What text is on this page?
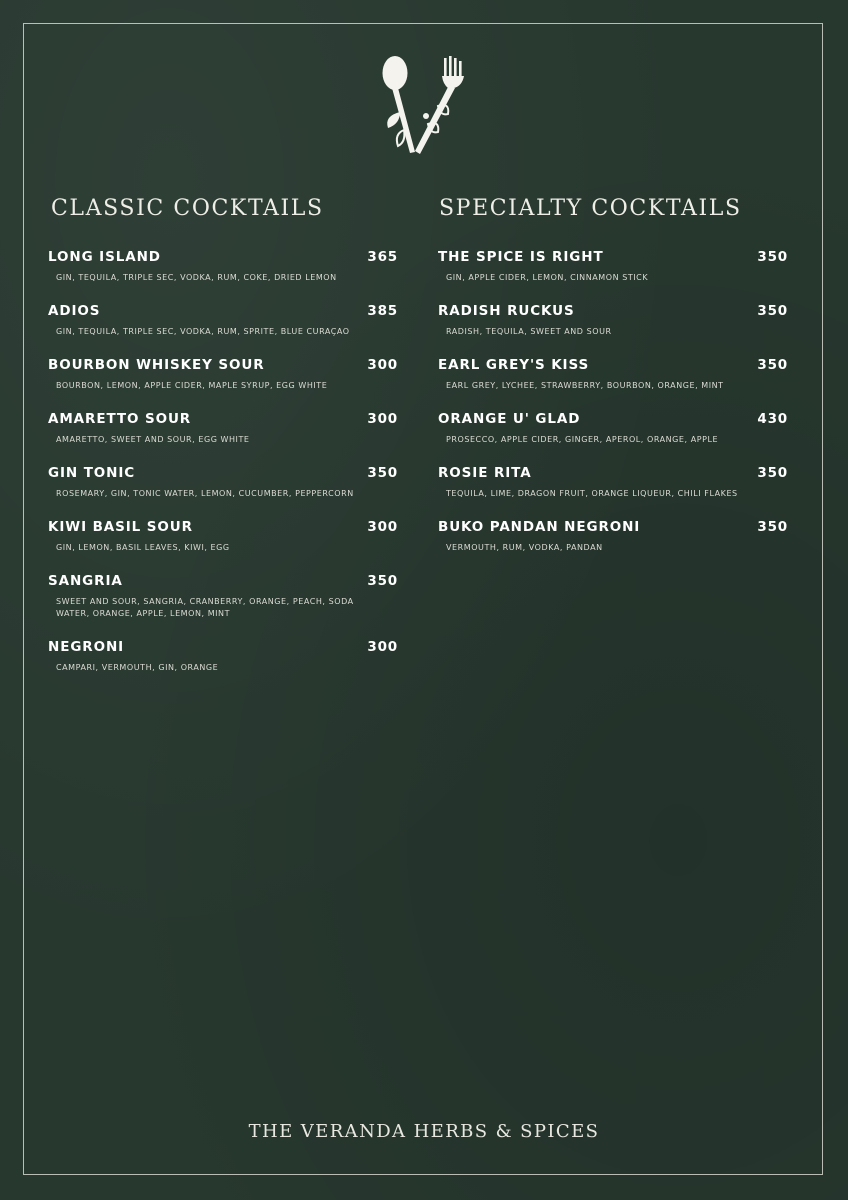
CLASSIC COCKTAILS	SPECIALTY COCKTAILS
LONG ISLAND	365
GIN, TEQUILA, TRIPLE SEC, VODKA, RUM, COKE, DRIED LEMON
ADIOS	385
GIN, TEQUILA, TRIPLE SEC, VODKA, RUM, SPRITE, BLUE CURAÇAO
BOURBON WHISKEY SOUR	300
BOURBON, LEMON, APPLE CIDER, MAPLE SYRUP, EGG WHITE
AMARETTO SOUR	300
AMARETTO, SWEET AND SOUR, EGG WHITE
GIN TONIC	350
ROSEMARY, GIN, TONIC WATER, LEMON, CUCUMBER, PEPPERCORN
KIWI BASIL SOUR	300
GIN, LEMON, BASIL LEAVES, KIWI, EGG
SANGRIA	350
SWEET AND SOUR, SANGRIA, CRANBERRY, ORANGE, PEACH, SODA WATER, ORANGE, APPLE, LEMON, MINT
NEGRONI	300
CAMPARI, VERMOUTH, GIN, ORANGE
THE SPICE IS RIGHT	350
GIN, APPLE CIDER, LEMON, CINNAMON STICK
RADISH RUCKUS	350
RADISH, TEQUILA, SWEET AND SOUR
EARL GREY'S KISS	350
EARL GREY, LYCHEE, STRAWBERRY, BOURBON, ORANGE, MINT
ORANGE U' GLAD	430
PROSECCO, APPLE CIDER, GINGER, APEROL, ORANGE, APPLE
ROSIE RITA	350
TEQUILA, LIME, DRAGON FRUIT, ORANGE LIQUEUR, CHILI FLAKES
BUKO PANDAN NEGRONI	350
VERMOUTH, RUM, VODKA, PANDAN
THE VERANDA HERBS & SPICES
